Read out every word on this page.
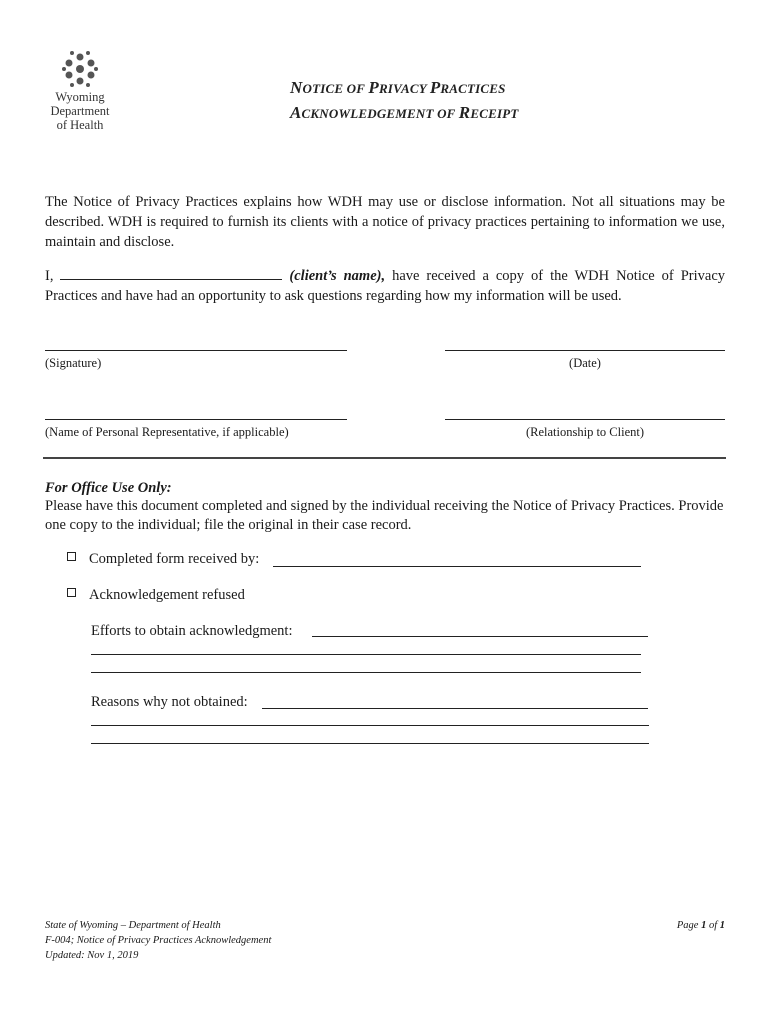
Wyoming
Department
of Health
NOTICE OF PRIVACY PRACTICES
ACKNOWLEDGEMENT OF RECEIPT
The Notice of Privacy Practices explains how WDH may use or disclose information. Not all situations may be described. WDH is required to furnish its clients with a notice of privacy practices pertaining to information we use, maintain and disclose.
I,	(client’s name), have received a copy of the WDH Notice of Privacy Practices and have had an opportunity to ask questions regarding how my information will be used.
(Signature)	(Date)
(Name of Personal Representative, if applicable)	(Relationship to Client)
For Office Use Only:
Please have this document completed and signed by the individual receiving the Notice of Privacy Practices. Provide one copy to the individual; file the original in their case record.
Completed form received by:
Acknowledgement refused
Efforts to obtain acknowledgment:
Reasons why not obtained:
State of Wyoming – Department of Health
F-004; Notice of Privacy Practices Acknowledgement
Updated: Nov 1, 2019
Page 1 of 1
